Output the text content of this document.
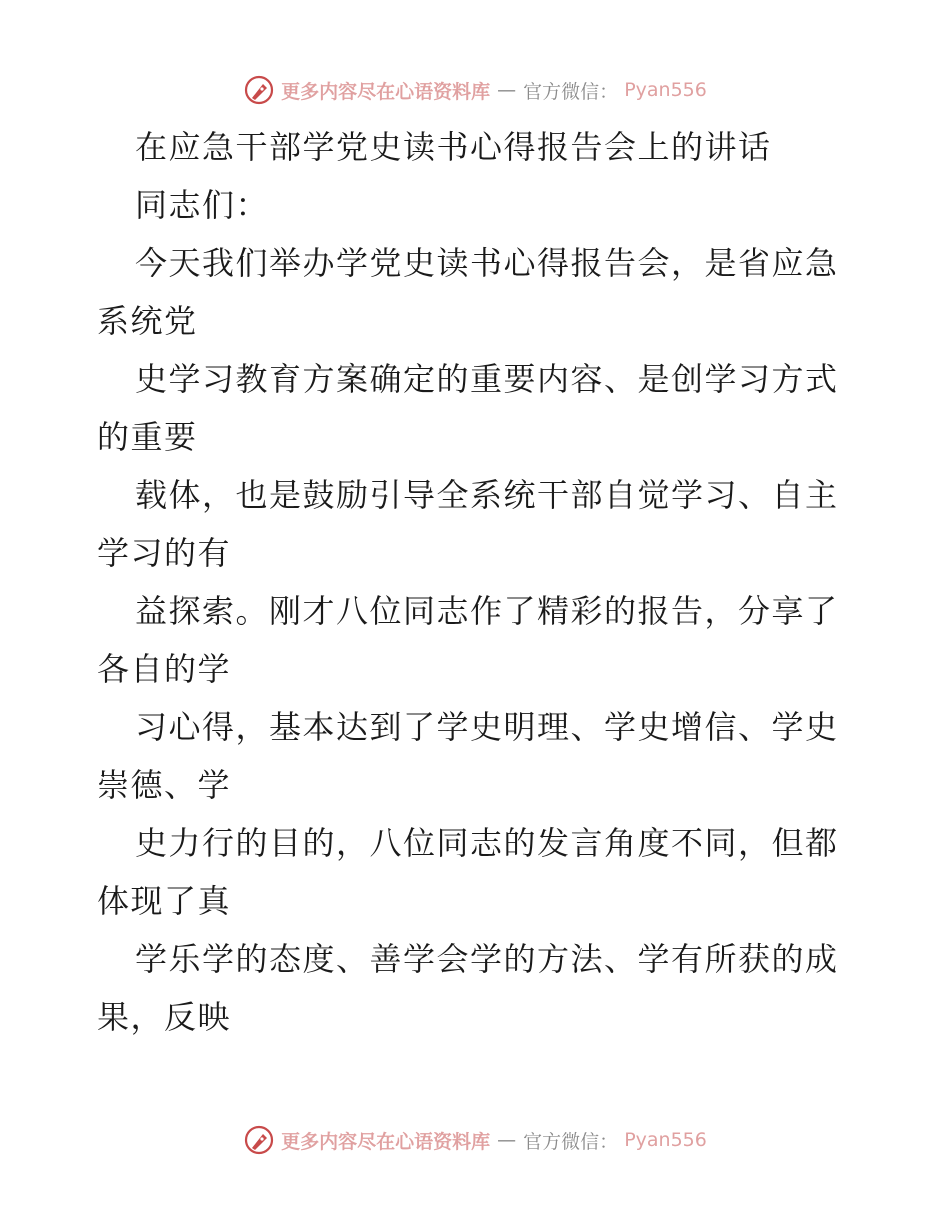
更多内容尽在心语资料库 — 官方微信： Pyan556
在应急干部学党史读书心得报告会上的讲话
同志们：
今天我们举办学党史读书心得报告会，是省应急
系统党
史学习教育方案确定的重要内容、是创学习方式
的重要
载体，也是鼓励引导全系统干部自觉学习、自主
学习的有
益探索。刚才八位同志作了精彩的报告，分享了
各自的学
习心得，基本达到了学史明理、学史增信、学史
崇德、学
史力行的目的，八位同志的发言角度不同，但都
体现了真
学乐学的态度、善学会学的方法、学有所获的成
果，反映
更多内容尽在心语资料库 — 官方微信： Pyan556
